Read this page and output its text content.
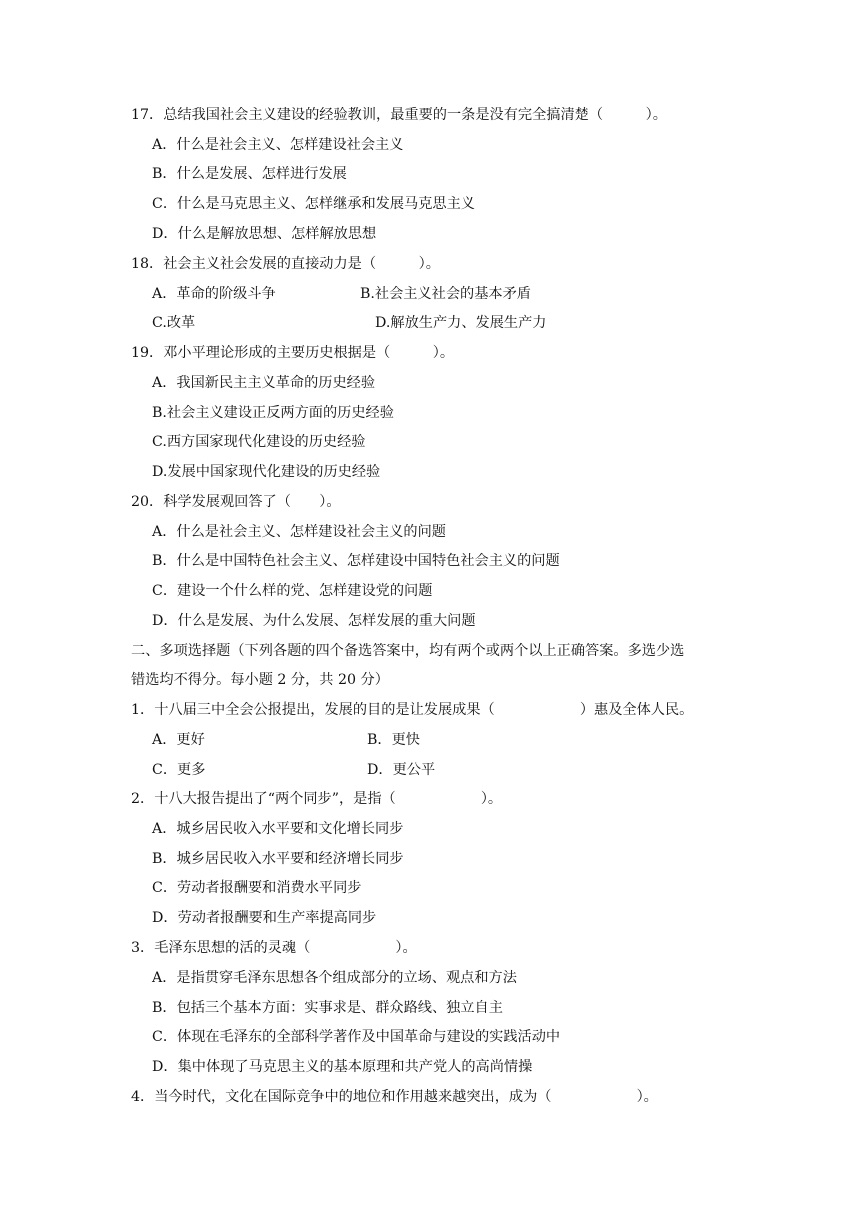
17．总结我国社会主义建设的经验教训，最重要的一条是没有完全搞清楚（　　　）。
A．什么是社会主义、怎样建设社会主义
B．什么是发展、怎样进行发展
C．什么是马克思主义、怎样继承和发展马克思主义
D．什么是解放思想、怎样解放思想
18．社会主义社会发展的直接动力是（　　　）。
A．革命的阶级斗争	B.社会主义社会的基本矛盾
C.改革	D.解放生产力、发展生产力
19．邓小平理论形成的主要历史根据是（　　　）。
A．我国新民主主义革命的历史经验
B.社会主义建设正反两方面的历史经验
C.西方国家现代化建设的历史经验
D.发展中国家现代化建设的历史经验
20．科学发展观回答了（　　）。
A．什么是社会主义、怎样建设社会主义的问题
B．什么是中国特色社会主义、怎样建设中国特色社会主义的问题
C．建设一个什么样的党、怎样建设党的问题
D．什么是发展、为什么发展、怎样发展的重大问题
二、多项选择题（下列各题的四个备选答案中，均有两个或两个以上正确答案。多选少选
错选均不得分。每小题 2 分，共 20 分）
1．十八届三中全会公报提出，发展的目的是让发展成果（　　　　　　）惠及全体人民。
A．更好	B．更快
C．更多	D．更公平
2．十八大报告提出了“两个同步”，是指（　　　　　　）。
A．城乡居民收入水平要和文化增长同步
B．城乡居民收入水平要和经济增长同步
C．劳动者报酬要和消费水平同步
D．劳动者报酬要和生产率提高同步
3．毛泽东思想的活的灵魂（　　　　　　）。
A．是指贯穿毛泽东思想各个组成部分的立场、观点和方法
B．包括三个基本方面：实事求是、群众路线、独立自主
C．体现在毛泽东的全部科学著作及中国革命与建设的实践活动中
D．集中体现了马克思主义的基本原理和共产党人的高尚情操
4．当今时代，文化在国际竞争中的地位和作用越来越突出，成为（　　　　　　）。
